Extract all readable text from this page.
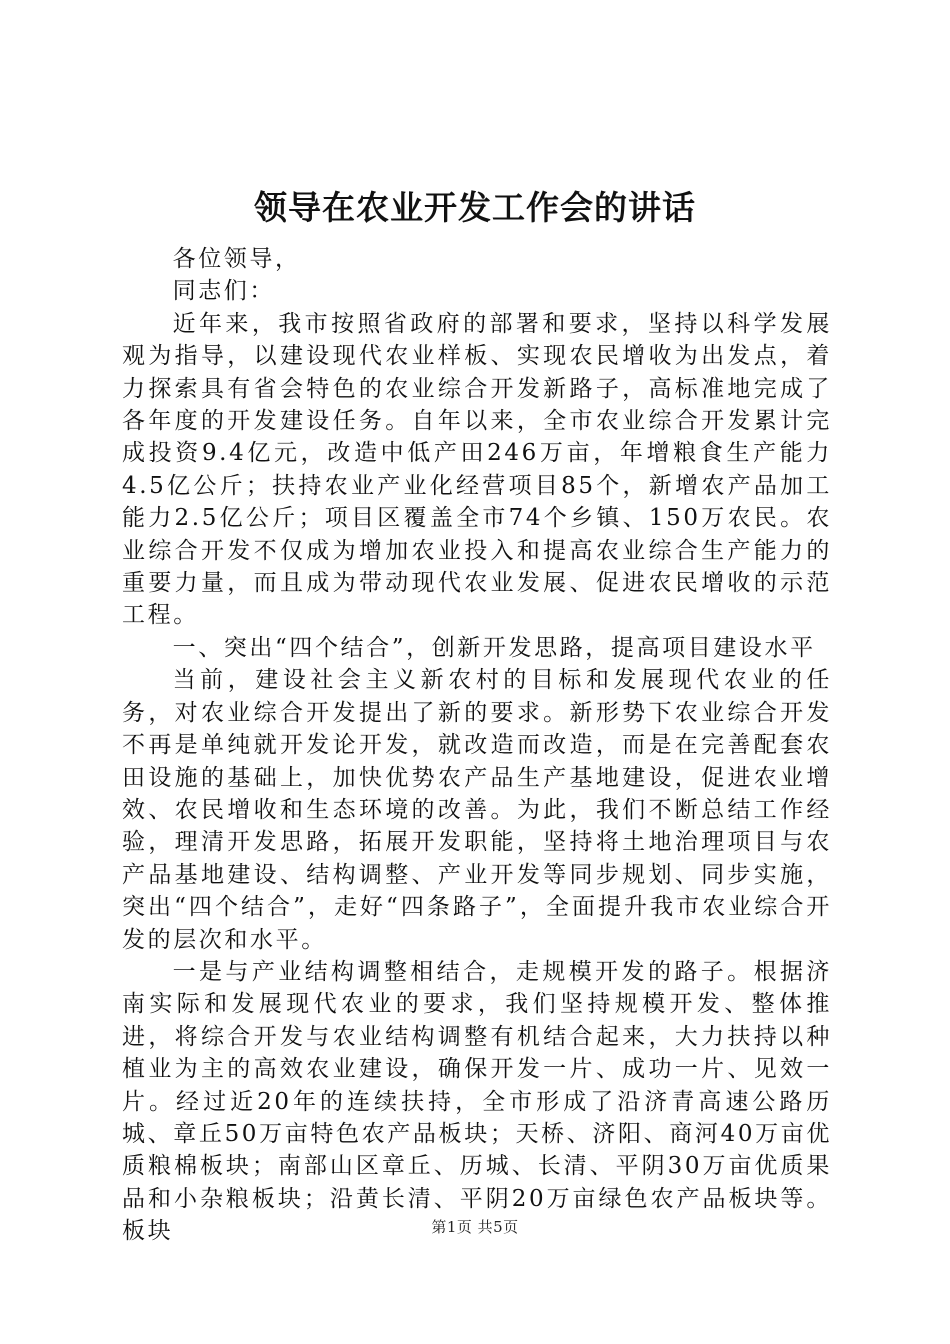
领导在农业开发工作会的讲话

各位领导，

同志们：

近年来，我市按照省政府的部署和要求，坚持以科学发展观为指导，以建设现代农业样板、实现农民增收为出发点，着力探索具有省会特色的农业综合开发新路子，高标准地完成了各年度的开发建设任务。自年以来，全市农业综合开发累计完成投资9.4亿元，改造中低产田246万亩，年增粮食生产能力4.5亿公斤；扶持农业产业化经营项目85个，新增农产品加工能力2.5亿公斤；项目区覆盖全市74个乡镇、150万农民。农业综合开发不仅成为增加农业投入和提高农业综合生产能力的重要力量，而且成为带动现代农业发展、促进农民增收的示范工程。

一、突出“四个结合”，创新开发思路，提高项目建设水平

当前，建设社会主义新农村的目标和发展现代农业的任务，对农业综合开发提出了新的要求。新形势下农业综合开发不再是单纯就开发论开发，就改造而改造，而是在完善配套农田设施的基础上，加快优势农产品生产基地建设，促进农业增效、农民增收和生态环境的改善。为此，我们不断总结工作经验，理清开发思路，拓展开发职能，坚持将土地治理项目与农产品基地建设、结构调整、产业开发等同步规划、同步实施，突出“四个结合”，走好“四条路子”，全面提升我市农业综合开发的层次和水平。

一是与产业结构调整相结合，走规模开发的路子。根据济南实际和发展现代农业的要求，我们坚持规模开发、整体推进，将综合开发与农业结构调整有机结合起来，大力扶持以种植业为主的高效农业建设，确保开发一片、成功一片、见效一片。经过近20年的连续扶持，全市形成了沿济青高速公路历城、章丘50万亩特色农产品板块；天桥、济阳、商河40万亩优质粮棉板块；南部山区章丘、历城、长清、平阴30万亩优质果品和小杂粮板块；沿黄长清、平阴20万亩绿色农产品板块等。板块	第1页 共5页
